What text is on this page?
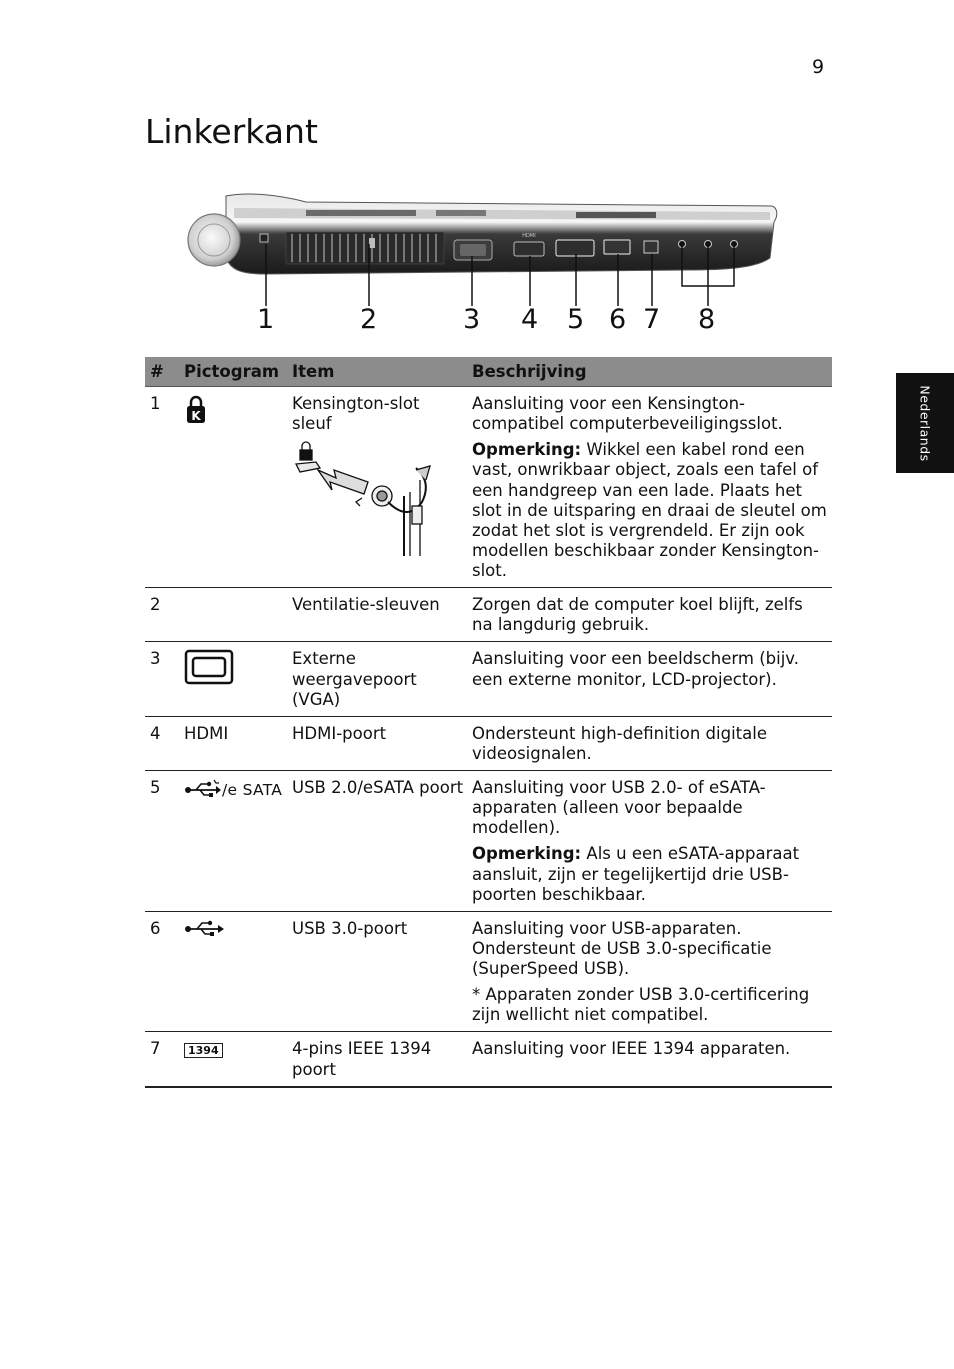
9
Linkerkant
Nederlands
HDMI
1	2	3 4 5 6 7 8
#	Pictogram	Item	Beschrijving
1	K	Kensington-slot sleuf	Aansluiting voor een Kensington-compatibel computerbeveiligingsslot.

Opmerking: Wikkel een kabel rond een vast, onwrikbaar object, zoals een tafel of een handgreep van een lade. Plaats het slot in de uitsparing en draai de sleutel om zodat het slot is vergrendeld. Er zijn ook modellen beschikbaar zonder Kensington-slot.

2		Ventilatie-sleuven	Zorgen dat de computer koel blijft, zelfs na langdurig gebruik.
3		Externe weergavepoort (VGA)	Aansluiting voor een beeldscherm (bijv. een externe monitor, LCD-projector).
4	HDMI	HDMI-poort	Ondersteunt high-definition digitale videosignalen.
5	/e SATA	USB 2.0/eSATA poort	Aansluiting voor USB 2.0- of eSATA-apparaten (alleen voor bepaalde modellen).

Opmerking: Als u een eSATA-apparaat aansluit, zijn er tegelijkertijd drie USB-poorten beschikbaar.

6		USB 3.0-poort	Aansluiting voor USB-apparaten. Ondersteunt de USB 3.0-specificatie (SuperSpeed USB).

* Apparaten zonder USB 3.0-certificering zijn wellicht niet compatibel.

7	1394	4-pins IEEE 1394 poort	Aansluiting voor IEEE 1394 apparaten.
